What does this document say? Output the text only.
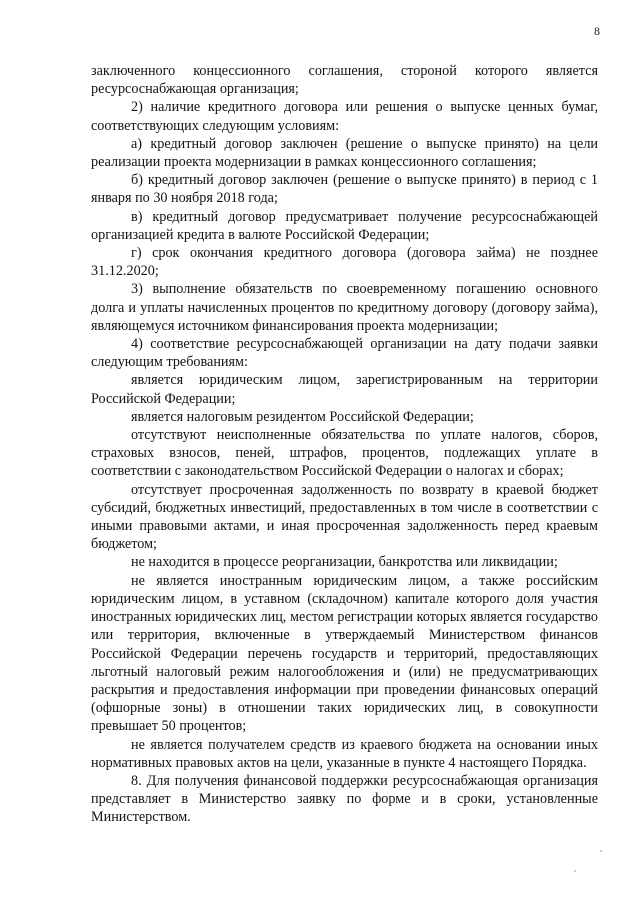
8

заключенного концессионного соглашения, стороной которого является ресурсоснабжающая организация;

2) наличие кредитного договора или решения о выпуске ценных бумаг, соответствующих следующим условиям:

а) кредитный договор заключен (решение о выпуске принято) на цели реализации проекта модернизации в рамках концессионного соглашения;

б) кредитный договор заключен (решение о выпуске принято) в период с 1 января по 30 ноября 2018 года;

в) кредитный договор предусматривает получение ресурсоснабжающей организацией кредита в валюте Российской Федерации;

г) срок окончания кредитного договора (договора займа) не позднее 31.12.2020;

3) выполнение обязательств по своевременному погашению основного долга и уплаты начисленных процентов по кредитному договору (договору займа), являющемуся источником финансирования проекта модернизации;

4) соответствие ресурсоснабжающей организации на дату подачи заявки следующим требованиям:

является юридическим лицом, зарегистрированным на территории Российской Федерации;

является налоговым резидентом Российской Федерации;

отсутствуют неисполненные обязательства по уплате налогов, сборов, страховых взносов, пеней, штрафов, процентов, подлежащих уплате в соответствии с законодательством Российской Федерации о налогах и сборах;

отсутствует просроченная задолженность по возврату в краевой бюджет субсидий, бюджетных инвестиций, предоставленных в том числе в соответствии с иными правовыми актами, и иная просроченная задолженность перед краевым бюджетом;

не находится в процессе реорганизации, банкротства или ликвидации;

не является иностранным юридическим лицом, а также российским юридическим лицом, в уставном (складочном) капитале которого доля участия иностранных юридических лиц, местом регистрации которых является государство или территория, включенные в утверждаемый Министерством финансов Российской Федерации перечень государств и территорий, предоставляющих льготный налоговый режим налогообложения и (или) не предусматривающих раскрытия и предоставления информации при проведении финансовых операций (офшорные зоны) в отношении таких юридических лиц, в совокупности превышает 50 процентов;

не является получателем средств из краевого бюджета на основании иных нормативных правовых актов на цели, указанные в пункте 4 настоящего Порядка.

8. Для получения финансовой поддержки ресурсоснабжающая организация представляет в Министерство заявку по форме и в сроки, установленные Министерством.
